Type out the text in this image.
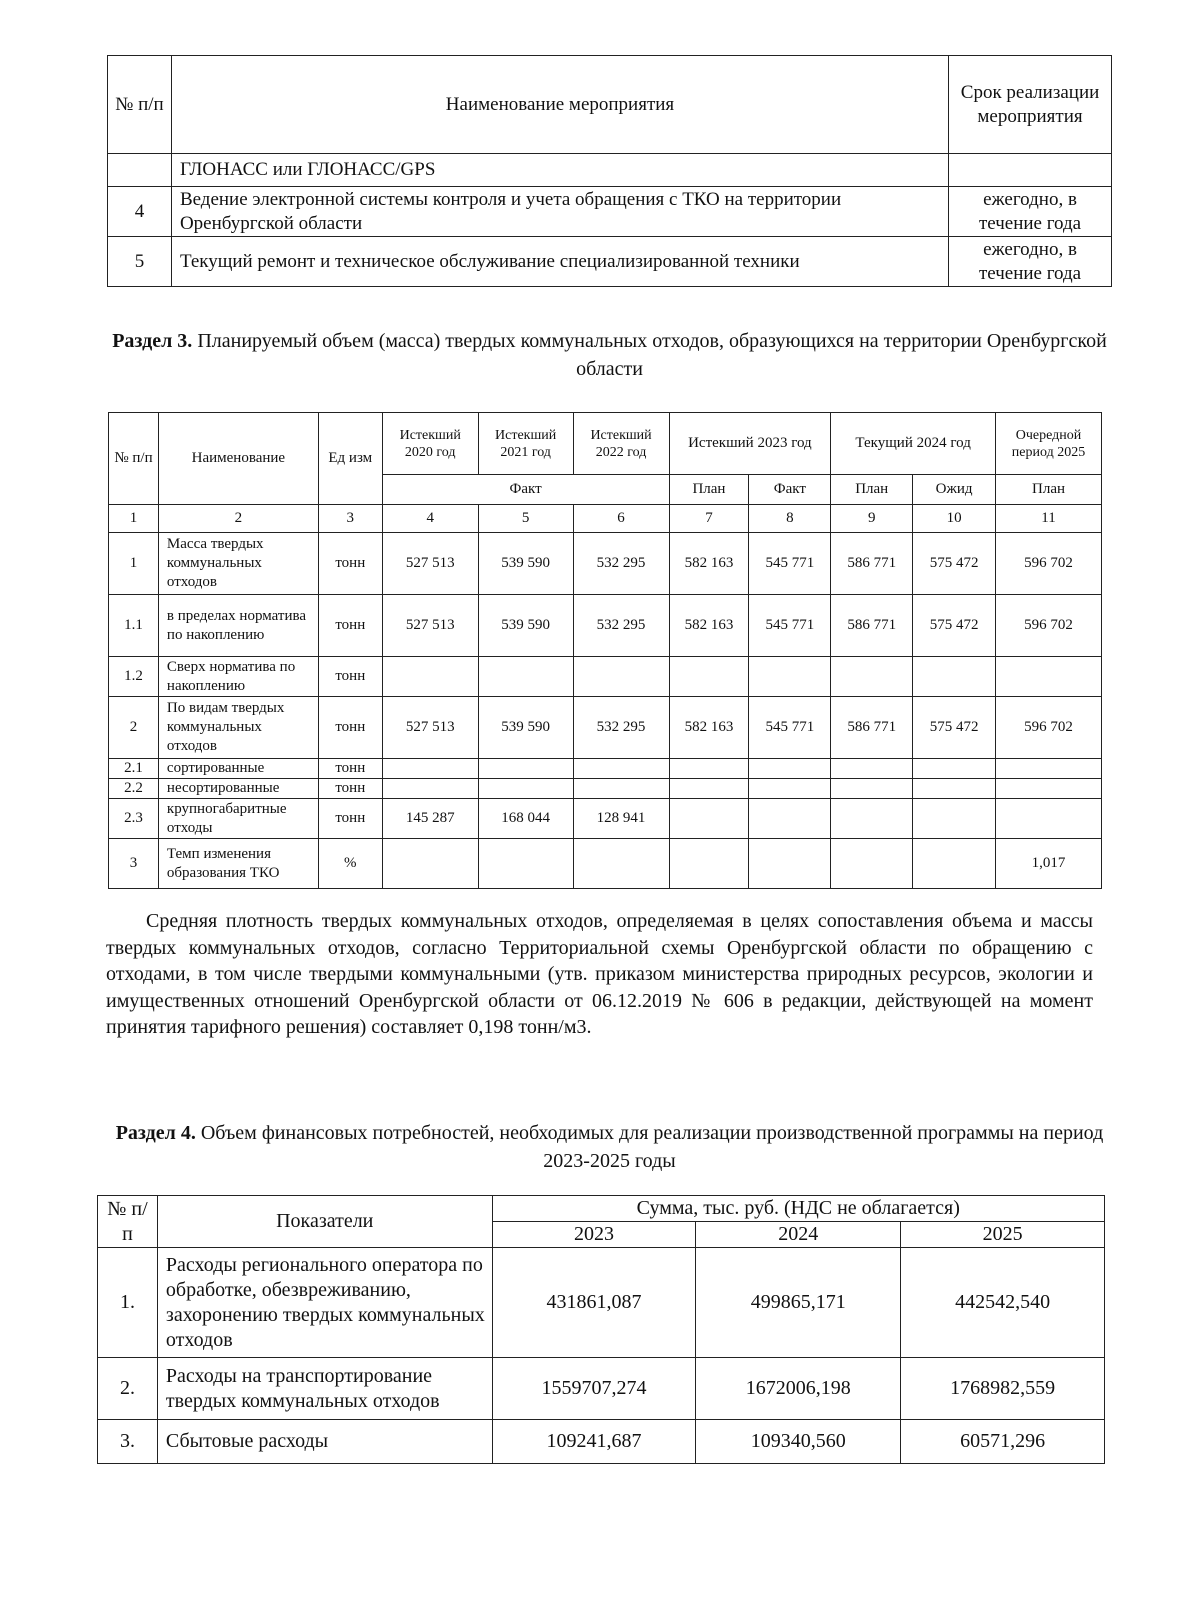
№ п/п	Наименование мероприятия	Срок реализации мероприятия
	ГЛОНАСС или ГЛОНАСС/GPS	
4	Ведение электронной системы контроля и учета обращения с ТКО на территории Оренбургской области	ежегодно, в течение года
5	Текущий ремонт и техническое обслуживание специализированной техники	ежегодно, в течение года
Раздел 3. Планируемый объем (масса) твердых коммунальных отходов, образующихся на территории Оренбургской области
№ п/п	Наименование	Ед изм	Истекший 2020 год	Истекший 2021 год	Истекший 2022 год	Истекший 2023 год		Текущий 2024 год		Очередной период 2025
			Факт			План	Факт	План	Ожид	План
1	2	3	4	5	6	7	8	9	10	11
1	Масса твердых коммунальных отходов	тонн	527 513	539 590	532 295	582 163	545 771	586 771	575 472	596 702
1.1	в пределах норматива по накоплению	тонн	527 513	539 590	532 295	582 163	545 771	586 771	575 472	596 702
1.2	Сверх норматива по накоплению	тонн								
2	По видам твердых коммунальных отходов	тонн	527 513	539 590	532 295	582 163	545 771	586 771	575 472	596 702
2.1	сортированные	тонн								
2.2	несортированные	тонн								
2.3	крупногабаритные отходы	тонн	145 287	168 044	128 941					
3	Темп изменения образования ТКО	%								1,017
Средняя плотность твердых коммунальных отходов, определяемая в целях сопоставления объема и массы твердых коммунальных отходов, согласно Территориальной схемы Оренбургской области по обращению с отходами, в том числе твердыми коммунальными (утв. приказом министерства природных ресурсов, экологии и имущественных отношений Оренбургской области от 06.12.2019 № 606 в редакции, действующей на момент принятия тарифного решения) составляет 0,198 тонн/м3.
Раздел 4. Объем финансовых потребностей, необходимых для реализации производственной программы на период 2023-2025 годы
№ п/п	Показатели	Сумма, тыс. руб. (НДС не облагается)		
		2023	2024	2025
1.	Расходы регионального оператора по обработке, обезвреживанию, захоронению твердых коммунальных отходов	431861,087	499865,171	442542,540
2.	Расходы на транспортирование твердых коммунальных отходов	1559707,274	1672006,198	1768982,559
3.	Сбытовые расходы	109241,687	109340,560	60571,296
